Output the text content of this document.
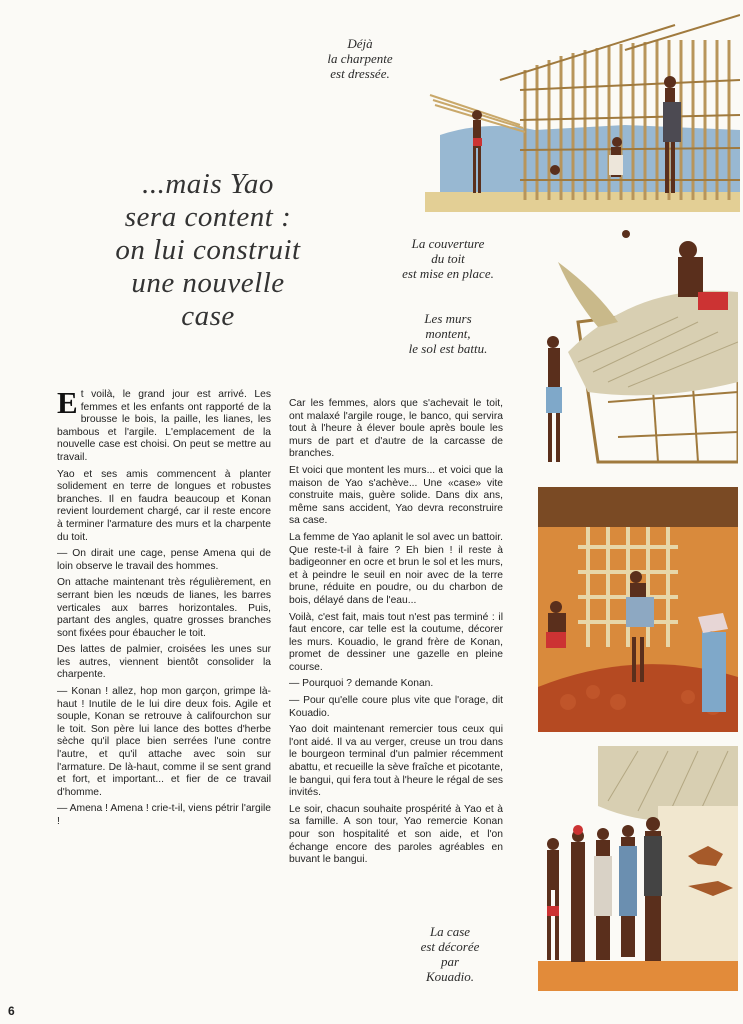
Déjà
la charpente
est dressée.
La couverture
du toit
est mise en place.
Les murs
montent,
le sol est battu.
La case
est décorée
par
Kouadio.
...mais Yao
sera content :
on lui construit
une nouvelle
case

Et voilà, le grand jour est arrivé. Les femmes et les enfants ont rapporté de la brousse le bois, la paille, les lianes, les bambous et l'argile. L'emplacement de la nouvelle case est choisi. On peut se mettre au travail.

Yao et ses amis commencent à planter solidement en terre de longues et robustes branches. Il en faudra beaucoup et Konan revient lourdement chargé, car il reste encore à terminer l'armature des murs et la charpente du toit.

— On dirait une cage, pense Amena qui de loin observe le travail des hommes.

On attache maintenant très régulièrement, en serrant bien les nœuds de lianes, les barres verticales aux barres horizontales. Puis, partant des angles, quatre grosses branches sont fixées pour ébaucher le toit.

Des lattes de palmier, croisées les unes sur les autres, viennent bientôt consolider la charpente.

— Konan ! allez, hop mon garçon, grimpe là-haut ! Inutile de le lui dire deux fois. Agile et souple, Konan se retrouve à califourchon sur le toit. Son père lui lance des bottes d'herbe sèche qu'il place bien serrées l'une contre l'autre, et qu'il attache avec soin sur l'armature. De là-haut, comme il se sent grand et fort, et important... et fier de ce travail d'homme.

— Amena ! Amena ! crie-t-il, viens pétrir l'argile !

Car les femmes, alors que s'achevait le toit, ont malaxé l'argile rouge, le banco, qui servira tout à l'heure à élever boule après boule les murs de part et d'autre de la carcasse de branches.

Et voici que montent les murs... et voici que la maison de Yao s'achève... Une «case» vite construite mais, guère solide. Dans dix ans, même sans accident, Yao devra reconstruire sa case.

La femme de Yao aplanit le sol avec un battoir. Que reste-t-il à faire ? Eh bien ! il reste à badigeonner en ocre et brun le sol et les murs, et à peindre le seuil en noir avec de la terre brune, réduite en poudre, ou du charbon de bois, délayé dans de l'eau...

Voilà, c'est fait, mais tout n'est pas terminé : il faut encore, car telle est la coutume, décorer les murs. Kouadio, le grand frère de Konan, promet de dessiner une gazelle en pleine course.

— Pourquoi ? demande Konan.

— Pour qu'elle coure plus vite que l'orage, dit Kouadio.

Yao doit maintenant remercier tous ceux qui l'ont aidé. Il va au verger, creuse un trou dans le bourgeon terminal d'un palmier récemment abattu, et recueille la sève fraîche et picotante, le bangui, qui fera tout à l'heure le régal de ses invités.

Le soir, chacun souhaite prospérité à Yao et à sa famille. A son tour, Yao remercie Konan pour son hospitalité et son aide, et l'on échange encore des paroles agréables en buvant le bangui.

6
